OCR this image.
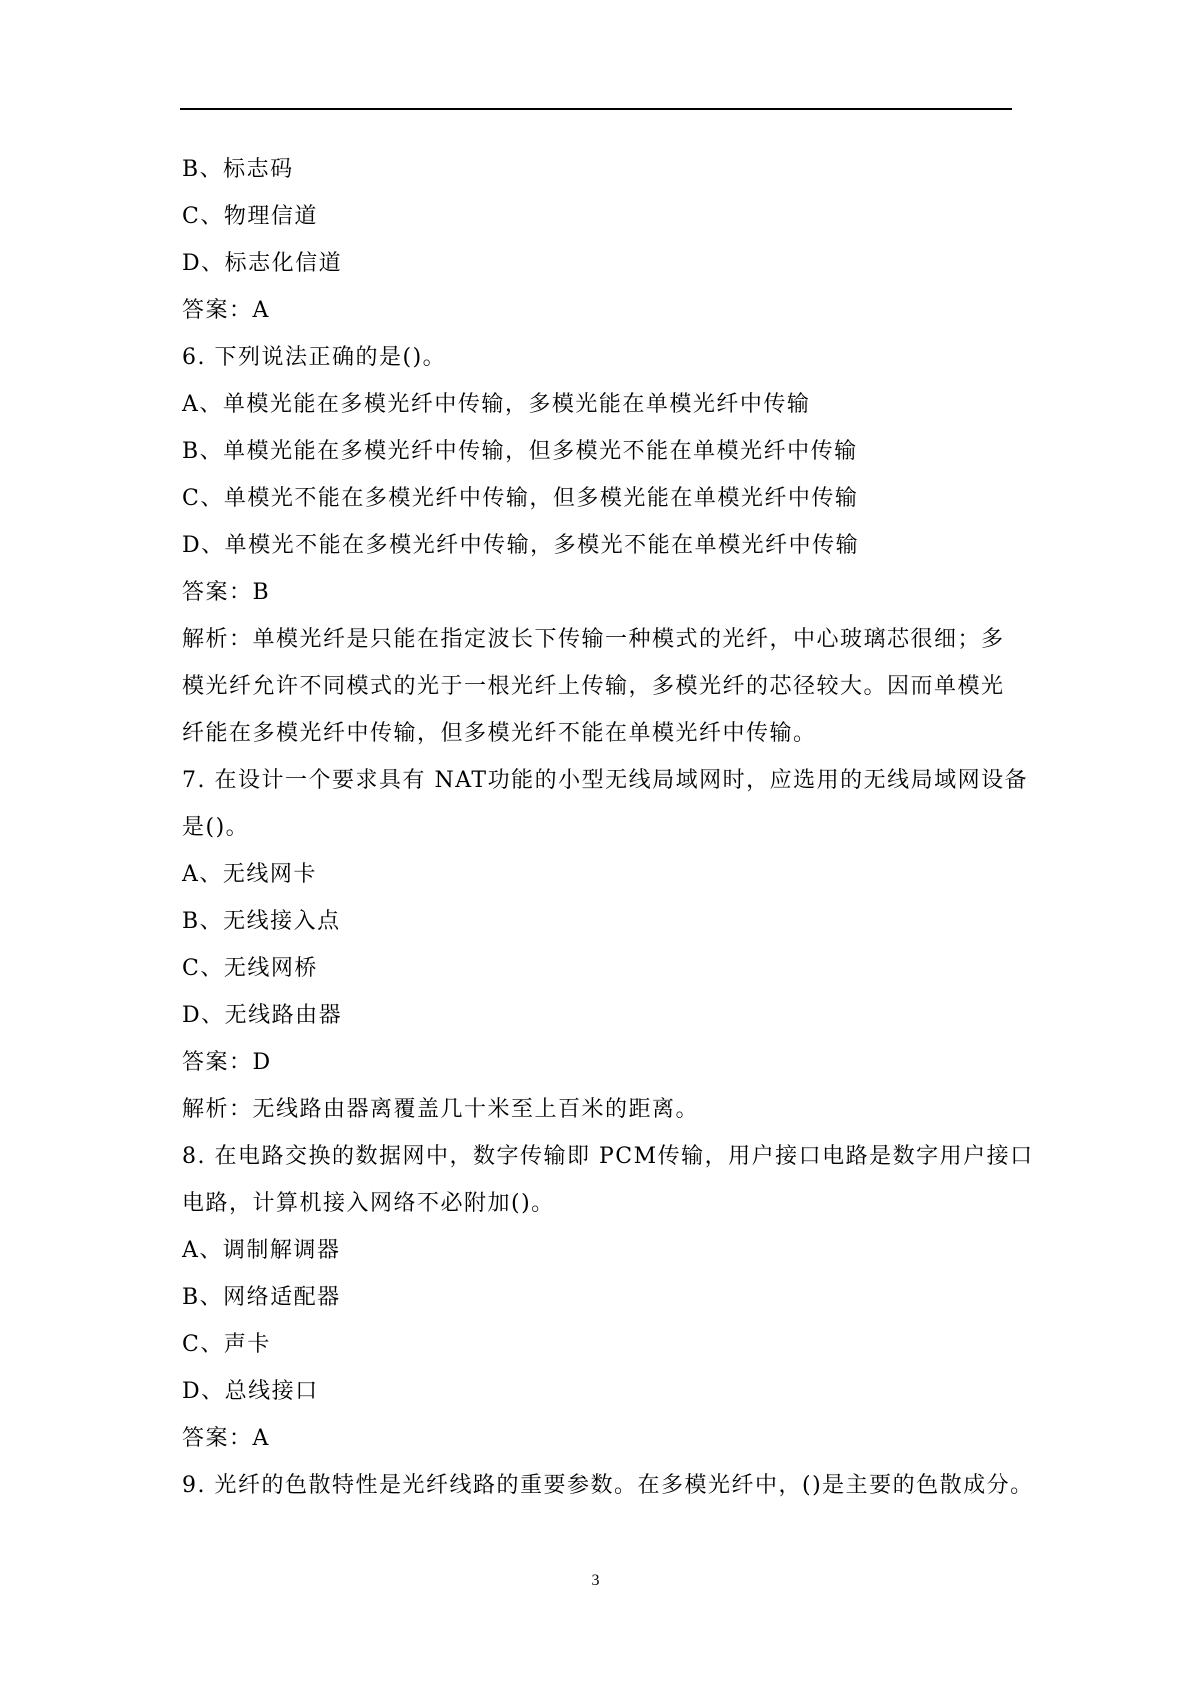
B、标志码
C、物理信道
D、标志化信道
答案：A
6. 下列说法正确的是()。
A、单模光能在多模光纤中传输，多模光能在单模光纤中传输
B、单模光能在多模光纤中传输，但多模光不能在单模光纤中传输
C、单模光不能在多模光纤中传输，但多模光能在单模光纤中传输
D、单模光不能在多模光纤中传输，多模光不能在单模光纤中传输
答案：B
解析：单模光纤是只能在指定波长下传输一种模式的光纤，中心玻璃芯很细；多
模光纤允许不同模式的光于一根光纤上传输，多模光纤的芯径较大。因而单模光
纤能在多模光纤中传输，但多模光纤不能在单模光纤中传输。
7. 在设计一个要求具有 NAT功能的小型无线局域网时，应选用的无线局域网设备
是()。
A、无线网卡
B、无线接入点
C、无线网桥
D、无线路由器
答案：D
解析：无线路由器离覆盖几十米至上百米的距离。
8. 在电路交换的数据网中，数字传输即 PCM传输，用户接口电路是数字用户接口
电路，计算机接入网络不必附加()。
A、调制解调器
B、网络适配器
C、声卡
D、总线接口
答案：A
9. 光纤的色散特性是光纤线路的重要参数。在多模光纤中，()是主要的色散成分。
3
